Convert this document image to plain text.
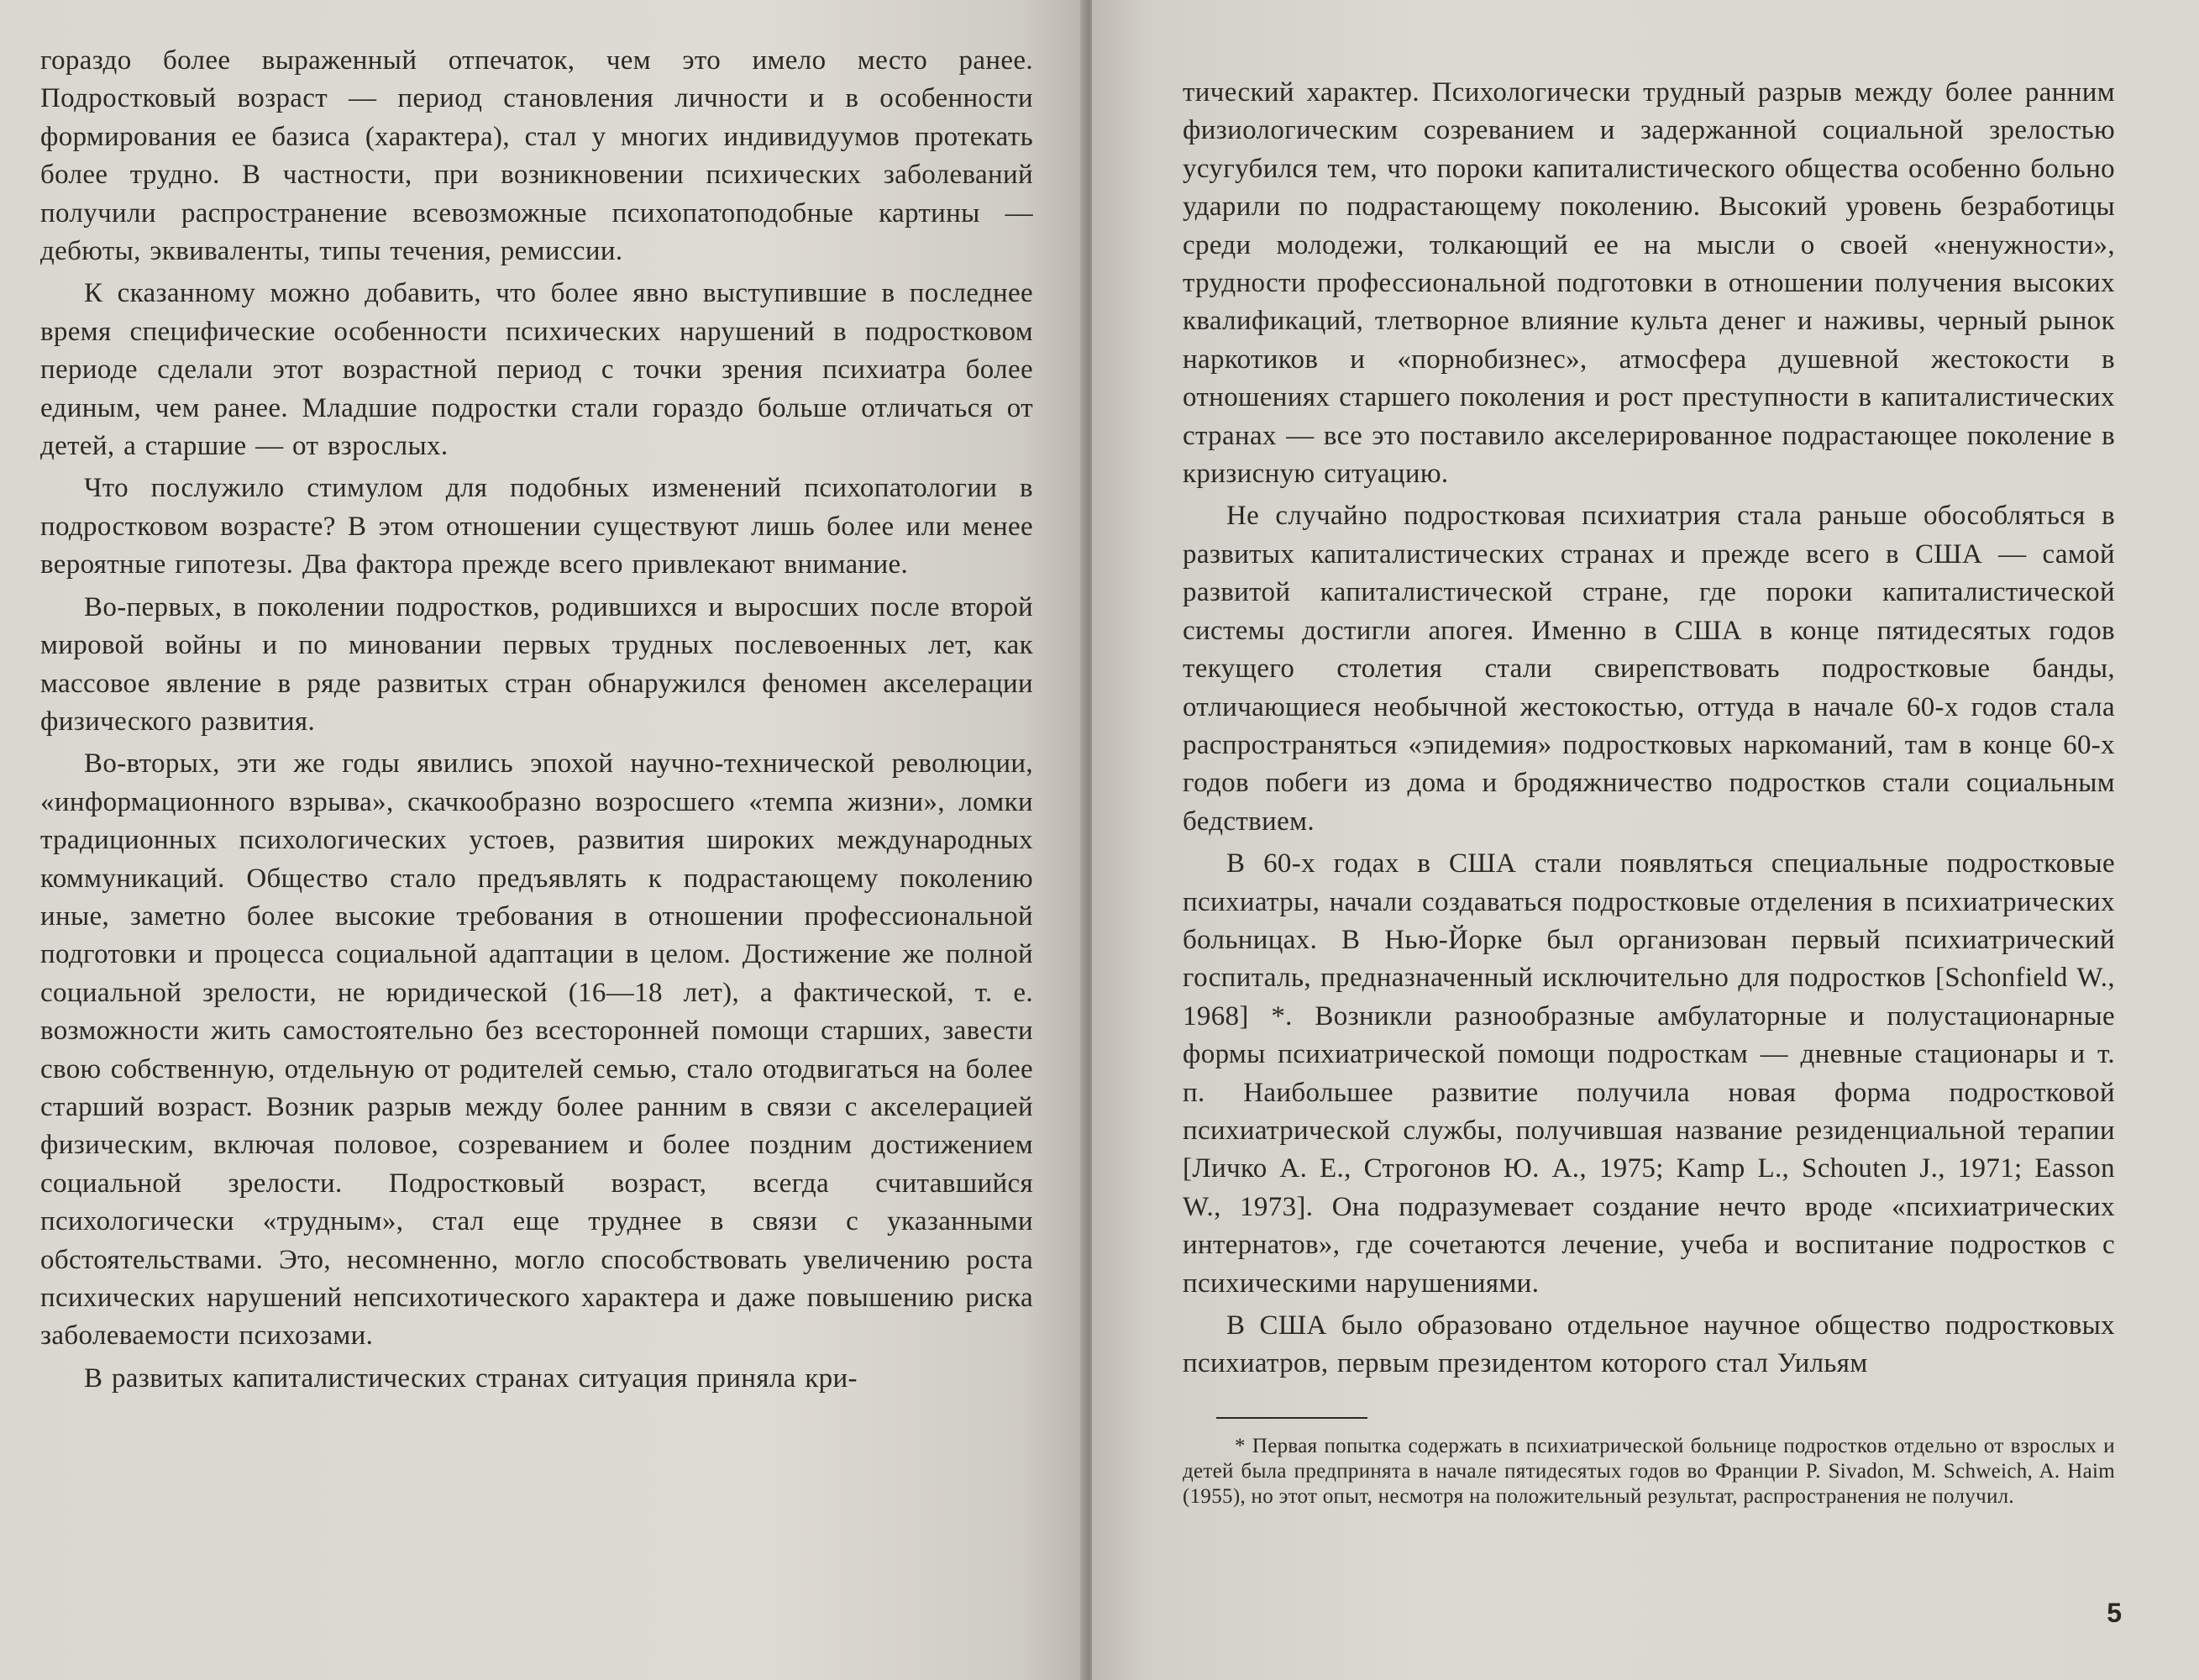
гораздо более выраженный отпечаток, чем это имело место ранее. Подростковый возраст — период становления личности и в особенности формирования ее базиса (характера), стал у многих индивидуумов протекать более трудно. В частности, при возникновении психических заболеваний получили распространение всевозможные психопатоподобные картины — дебюты, эквиваленты, типы течения, ремиссии.

К сказанному можно добавить, что более явно выступившие в последнее время специфические особенности психических нарушений в подростковом периоде сделали этот возрастной период с точки зрения психиатра более единым, чем ранее. Младшие подростки стали гораздо больше отличаться от детей, а старшие — от взрослых.

Что послужило стимулом для подобных изменений психопатологии в подростковом возрасте? В этом отношении существуют лишь более или менее вероятные гипотезы. Два фактора прежде всего привлекают внимание.

Во-первых, в поколении подростков, родившихся и выросших после второй мировой войны и по миновании первых трудных послевоенных лет, как массовое явление в ряде развитых стран обнаружился феномен акселерации физического развития.

Во-вторых, эти же годы явились эпохой научно-технической революции, «информационного взрыва», скачкообразно возросшего «темпа жизни», ломки традиционных психологических устоев, развития широких международных коммуникаций. Общество стало предъявлять к подрастающему поколению иные, заметно более высокие требования в отношении профессиональной подготовки и процесса социальной адаптации в целом. Достижение же полной социальной зрелости, не юридической (16—18 лет), а фактической, т. е. возможности жить самостоятельно без всесторонней помощи старших, завести свою собственную, отдельную от родителей семью, стало отодвигаться на более старший возраст. Возник разрыв между более ранним в связи с акселерацией физическим, включая половое, созреванием и более поздним достижением социальной зрелости. Подростковый возраст, всегда считавшийся психологически «трудным», стал еще труднее в связи с указанными обстоятельствами. Это, несомненно, могло способствовать увеличению роста психических нарушений непсихотического характера и даже повышению риска заболеваемости психозами.

В развитых капиталистических странах ситуация приняла кри-

тический характер. Психологически трудный разрыв между более ранним физиологическим созреванием и задержанной социальной зрелостью усугубился тем, что пороки капиталистического общества особенно больно ударили по подрастающему поколению. Высокий уровень безработицы среди молодежи, толкающий ее на мысли о своей «ненужности», трудности профессиональной подготовки в отношении получения высоких квалификаций, тлетворное влияние культа денег и наживы, черный рынок наркотиков и «порнобизнес», атмосфера душевной жестокости в отношениях старшего поколения и рост преступности в капиталистических странах — все это поставило акселерированное подрастающее поколение в кризисную ситуацию.

Не случайно подростковая психиатрия стала раньше обособляться в развитых капиталистических странах и прежде всего в США — самой развитой капиталистической стране, где пороки капиталистической системы достигли апогея. Именно в США в конце пятидесятых годов текущего столетия стали свирепствовать подростковые банды, отличающиеся необычной жестокостью, оттуда в начале 60-х годов стала распространяться «эпидемия» подростковых наркоманий, там в конце 60-х годов побеги из дома и бродяжничество подростков стали социальным бедствием.

В 60-х годах в США стали появляться специальные подростковые психиатры, начали создаваться подростковые отделения в психиатрических больницах. В Нью-Йорке был организован первый психиатрический госпиталь, предназначенный исключительно для подростков [Schonfield W., 1968] *. Возникли разнообразные амбулаторные и полустационарные формы психиатрической помощи подросткам — дневные стационары и т. п. Наибольшее развитие получила новая форма подростковой психиатрической службы, получившая название резиденциальной терапии [Личко А. Е., Строгонов Ю. А., 1975; Kamp L., Schouten J., 1971; Easson W., 1973]. Она подразумевает создание нечто вроде «психиатрических интернатов», где сочетаются лечение, учеба и воспитание подростков с психическими нарушениями.

В США было образовано отдельное научное общество подростковых психиатров, первым президентом которого стал Уильям

* Первая попытка содержать в психиатрической больнице подростков отдельно от взрослых и детей была предпринята в начале пятидесятых годов во Франции P. Sivadon, M. Schweich, A. Haim (1955), но этот опыт, несмотря на положительный результат, распространения не получил.

5
